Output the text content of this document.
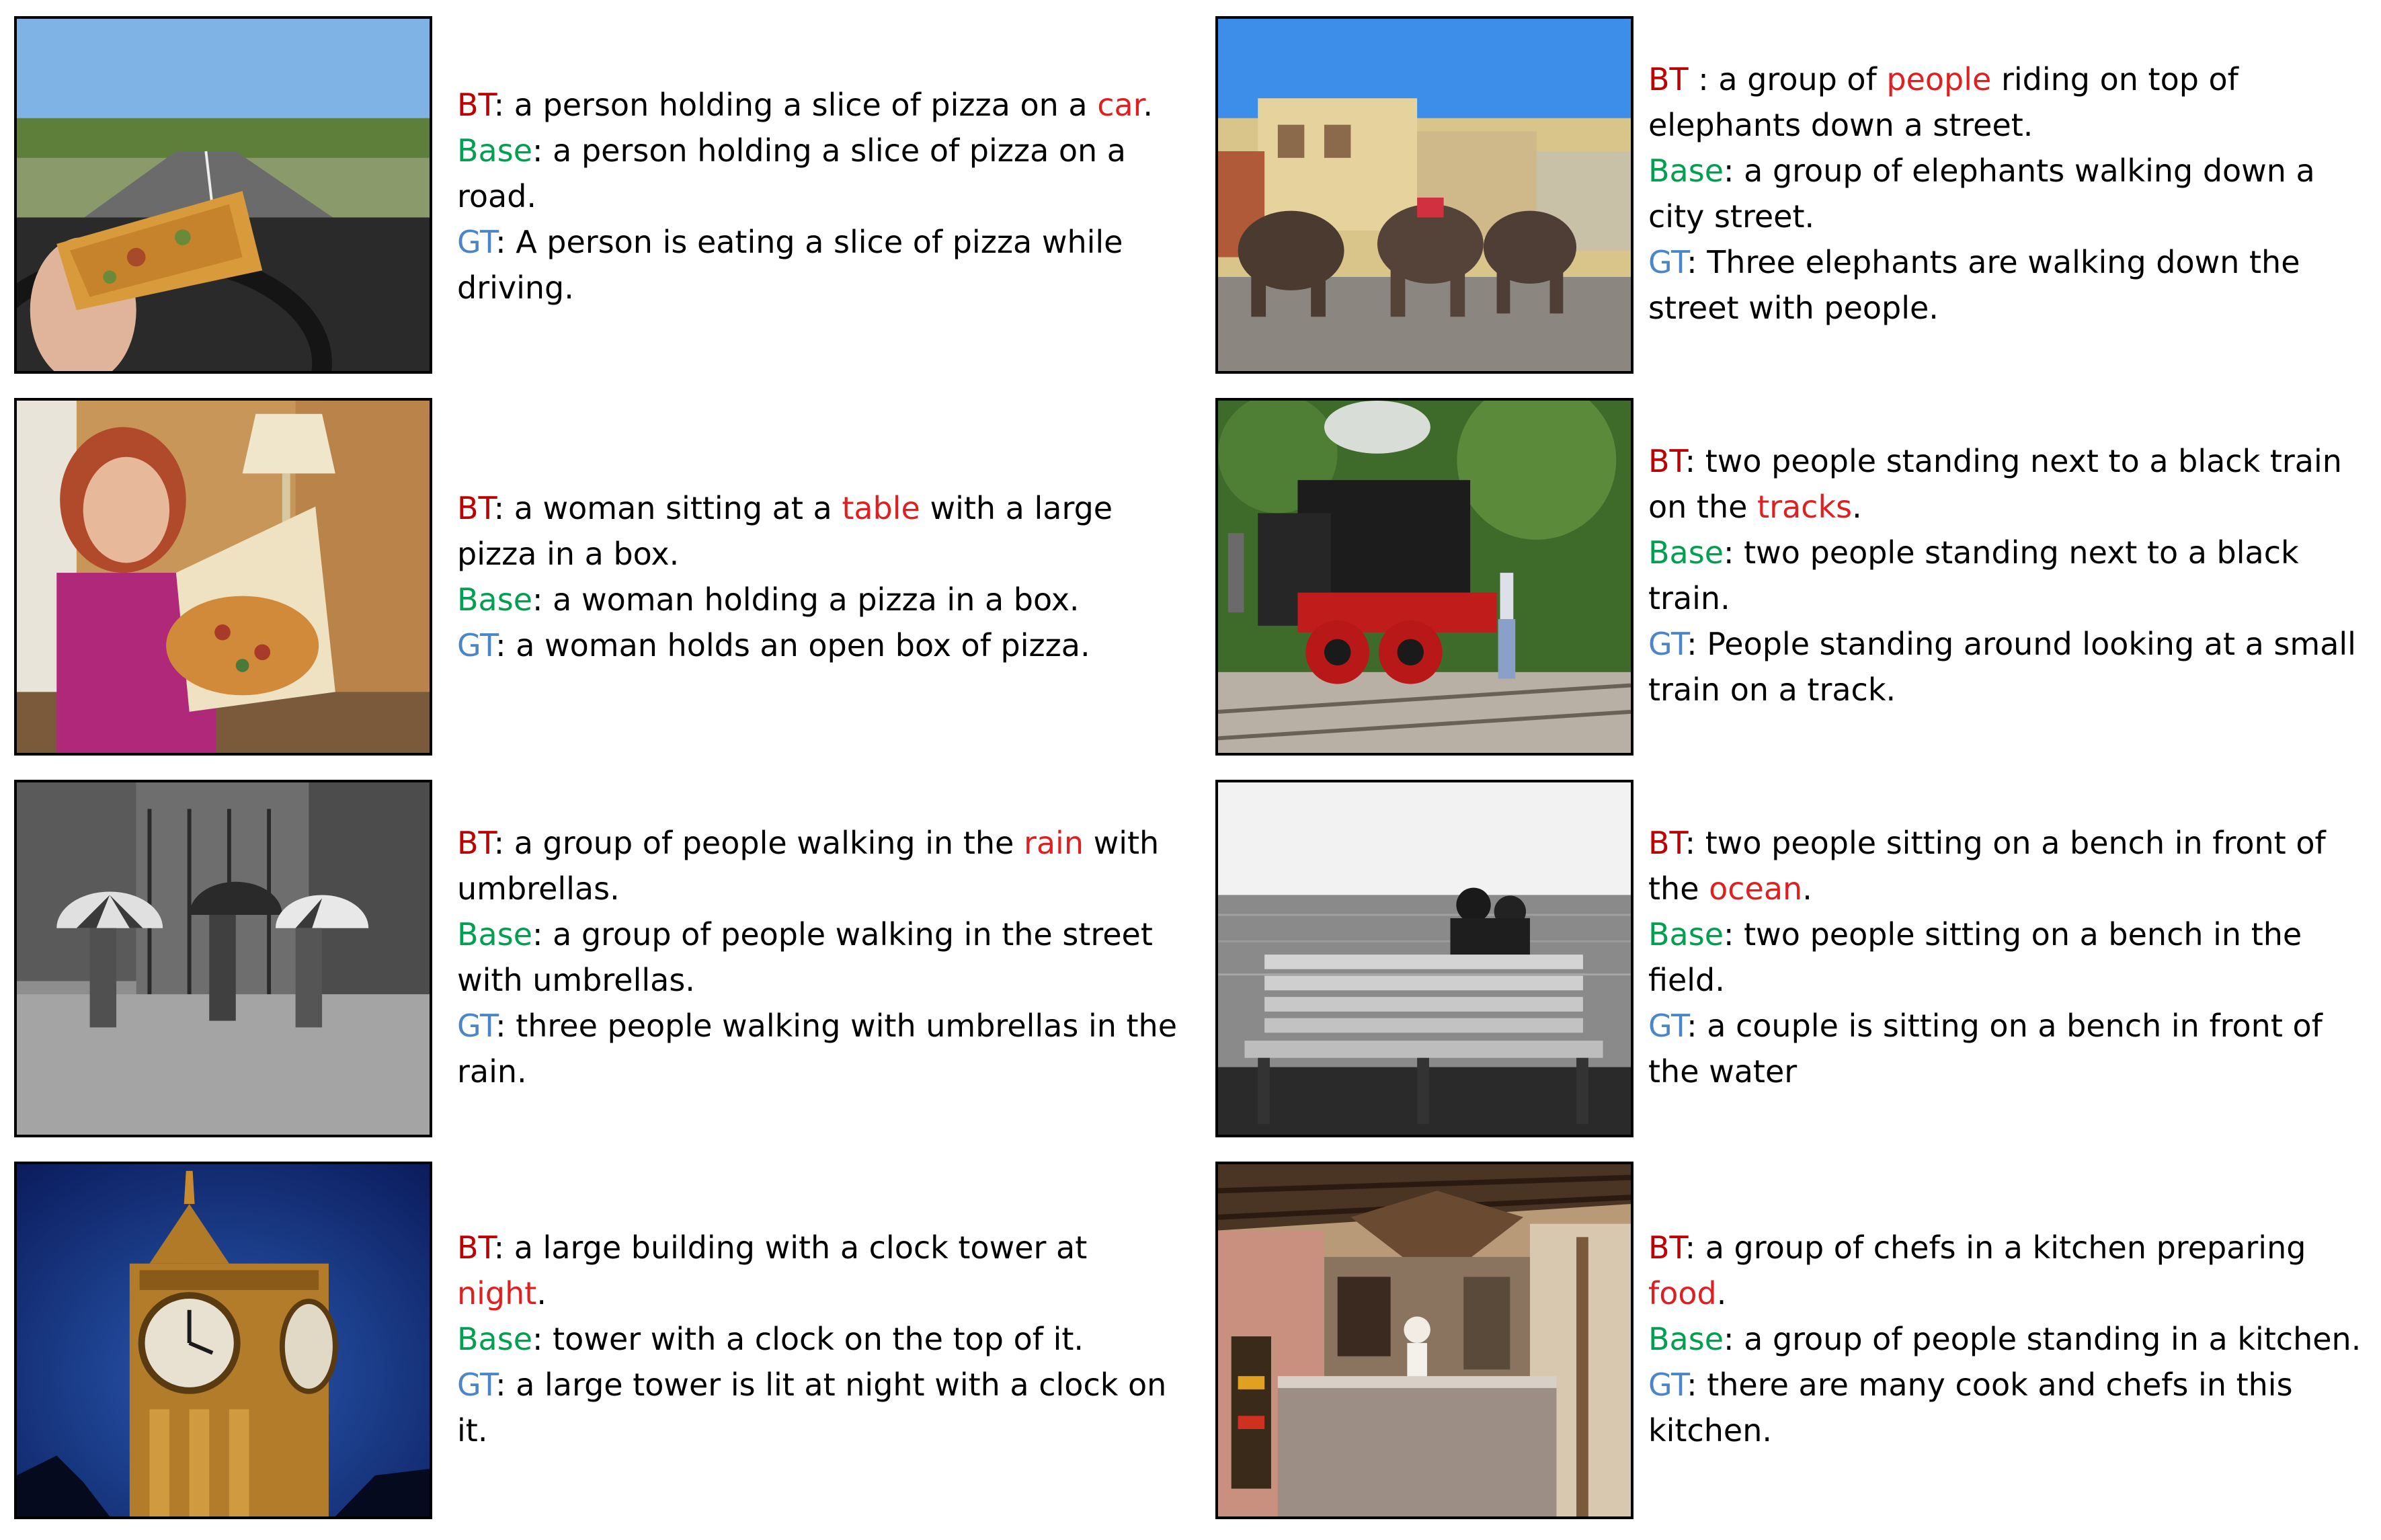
BT: a person holding a slice of pizza on a car.
Base: a person holding a slice of pizza on a road.
GT: A person is eating a slice of pizza while driving.
BT : a group of people riding on top of elephants down a street.
Base: a group of elephants walking down a city street.
GT: Three elephants are walking down the street with people.
BT: a woman sitting at a table with a large pizza in a box.
Base: a woman holding a pizza in a box.
GT: a woman holds an open box of pizza.
BT: two people standing next to a black train on the tracks.
Base: two people standing next to a black train.
GT: People standing around looking at a small train on a track.
BT: a group of people walking in the rain with umbrellas.
Base: a group of people walking in the street with umbrellas.
GT: three people walking with umbrellas in the rain.
BT: two people sitting on a bench in front of the ocean.
Base: two people sitting on a bench in the field.
GT: a couple is sitting on a bench in front of the water
BT: a large building with a clock tower at night.
Base: tower with a clock on the top of it.
GT: a large tower is lit at night with a clock on it.
BT: a group of chefs in a kitchen preparing food.
Base: a group of people standing in a kitchen.
GT: there are many cook and chefs in this kitchen.
